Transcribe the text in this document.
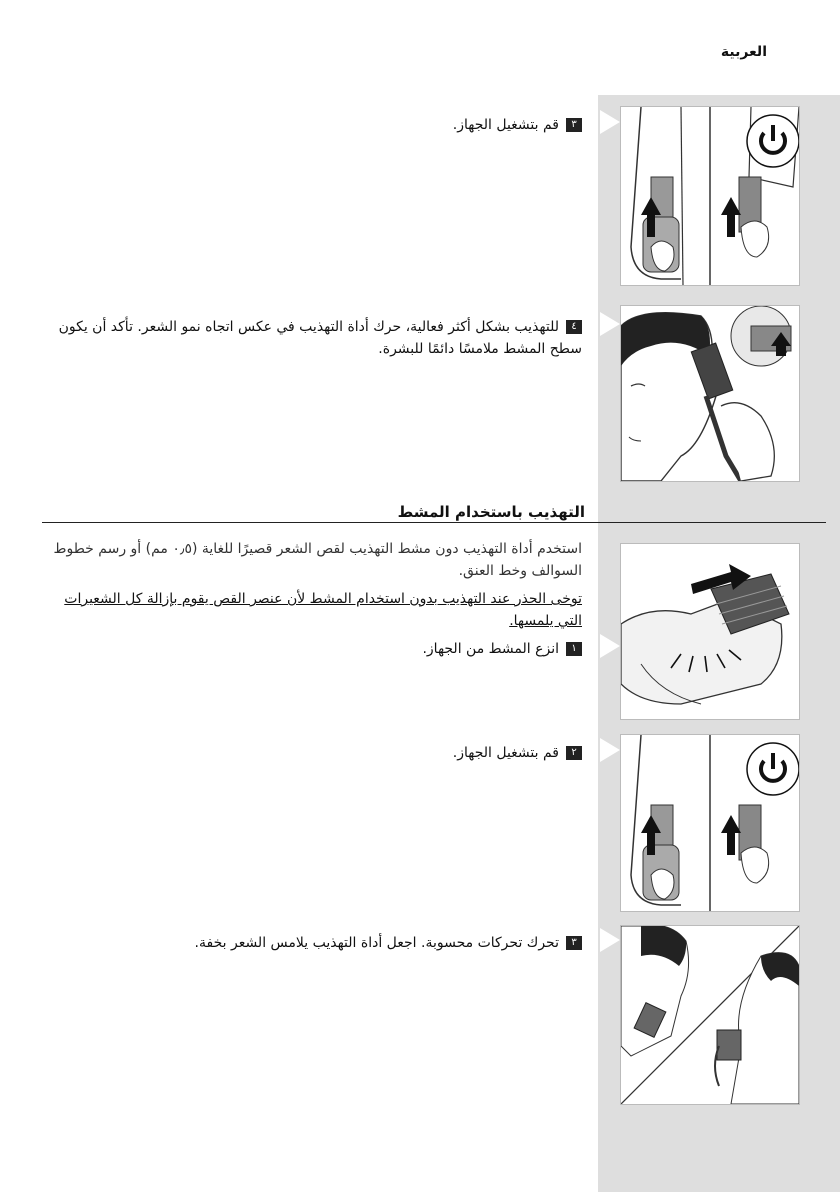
العربية
٣قم بتشغيل الجهاز.
٤للتهذيب بشكل أكثر فعالية، حرك أداة التهذيب في عكس اتجاه نمو الشعر. تأكد أن يكون سطح المشط ملامسًا دائمًا للبشرة.
التهذيب باستخدام المشط
استخدم أداة التهذيب دون مشط التهذيب لقص الشعر قصيرًا للغاية (٠٫٥ مم) أو رسم خطوط السوالف وخط العنق.
توخى الحذر عند التهذيب بدون استخدام المشط لأن عنصر القص يقوم بإزالة كل الشعيرات التي يلمسها.
١انزع المشط من الجهاز.
٢قم بتشغيل الجهاز.
٣تحرك تحركات محسوبة. اجعل أداة التهذيب يلامس الشعر بخفة.
